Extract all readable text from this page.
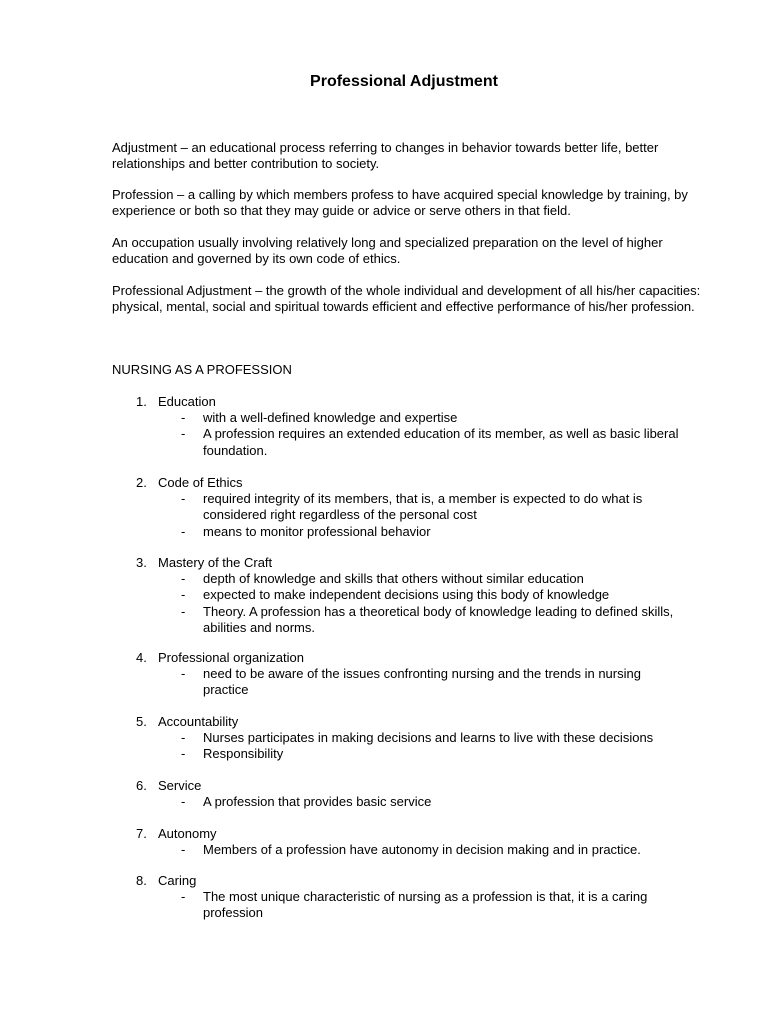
Professional Adjustment
Adjustment – an educational process referring to changes in behavior towards better life, better relationships and better contribution to society.
Profession – a calling by which members profess to have acquired special knowledge by training, by experience or both so that they may guide or advice or serve others in that field.
An occupation usually involving relatively long and specialized preparation on the level of higher education and governed by its own code of ethics.
Professional Adjustment – the growth of the whole individual and development of all his/her capacities: physical, mental, social and spiritual towards efficient and effective performance of his/her profession.
NURSING AS A PROFESSION
1. Education
- with a well-defined knowledge and expertise
- A profession requires an extended education of its member, as well as basic liberal foundation.
2. Code of Ethics
- required integrity of its members, that is, a member is expected to do what is considered right regardless of the personal cost
- means to monitor professional behavior
3. Mastery of the Craft
- depth of knowledge and skills that others without similar education
- expected to make independent decisions using this body of knowledge
- Theory. A profession has a theoretical body of knowledge leading to defined skills, abilities and norms.
4. Professional organization
- need to be aware of the issues confronting nursing and the trends in nursing practice
5. Accountability
- Nurses participates in making decisions and learns to live with these decisions
- Responsibility
6. Service
- A profession that provides basic service
7. Autonomy
- Members of a profession have autonomy in decision making and in practice.
8. Caring
- The most unique characteristic of nursing as a profession is that, it is a caring profession
